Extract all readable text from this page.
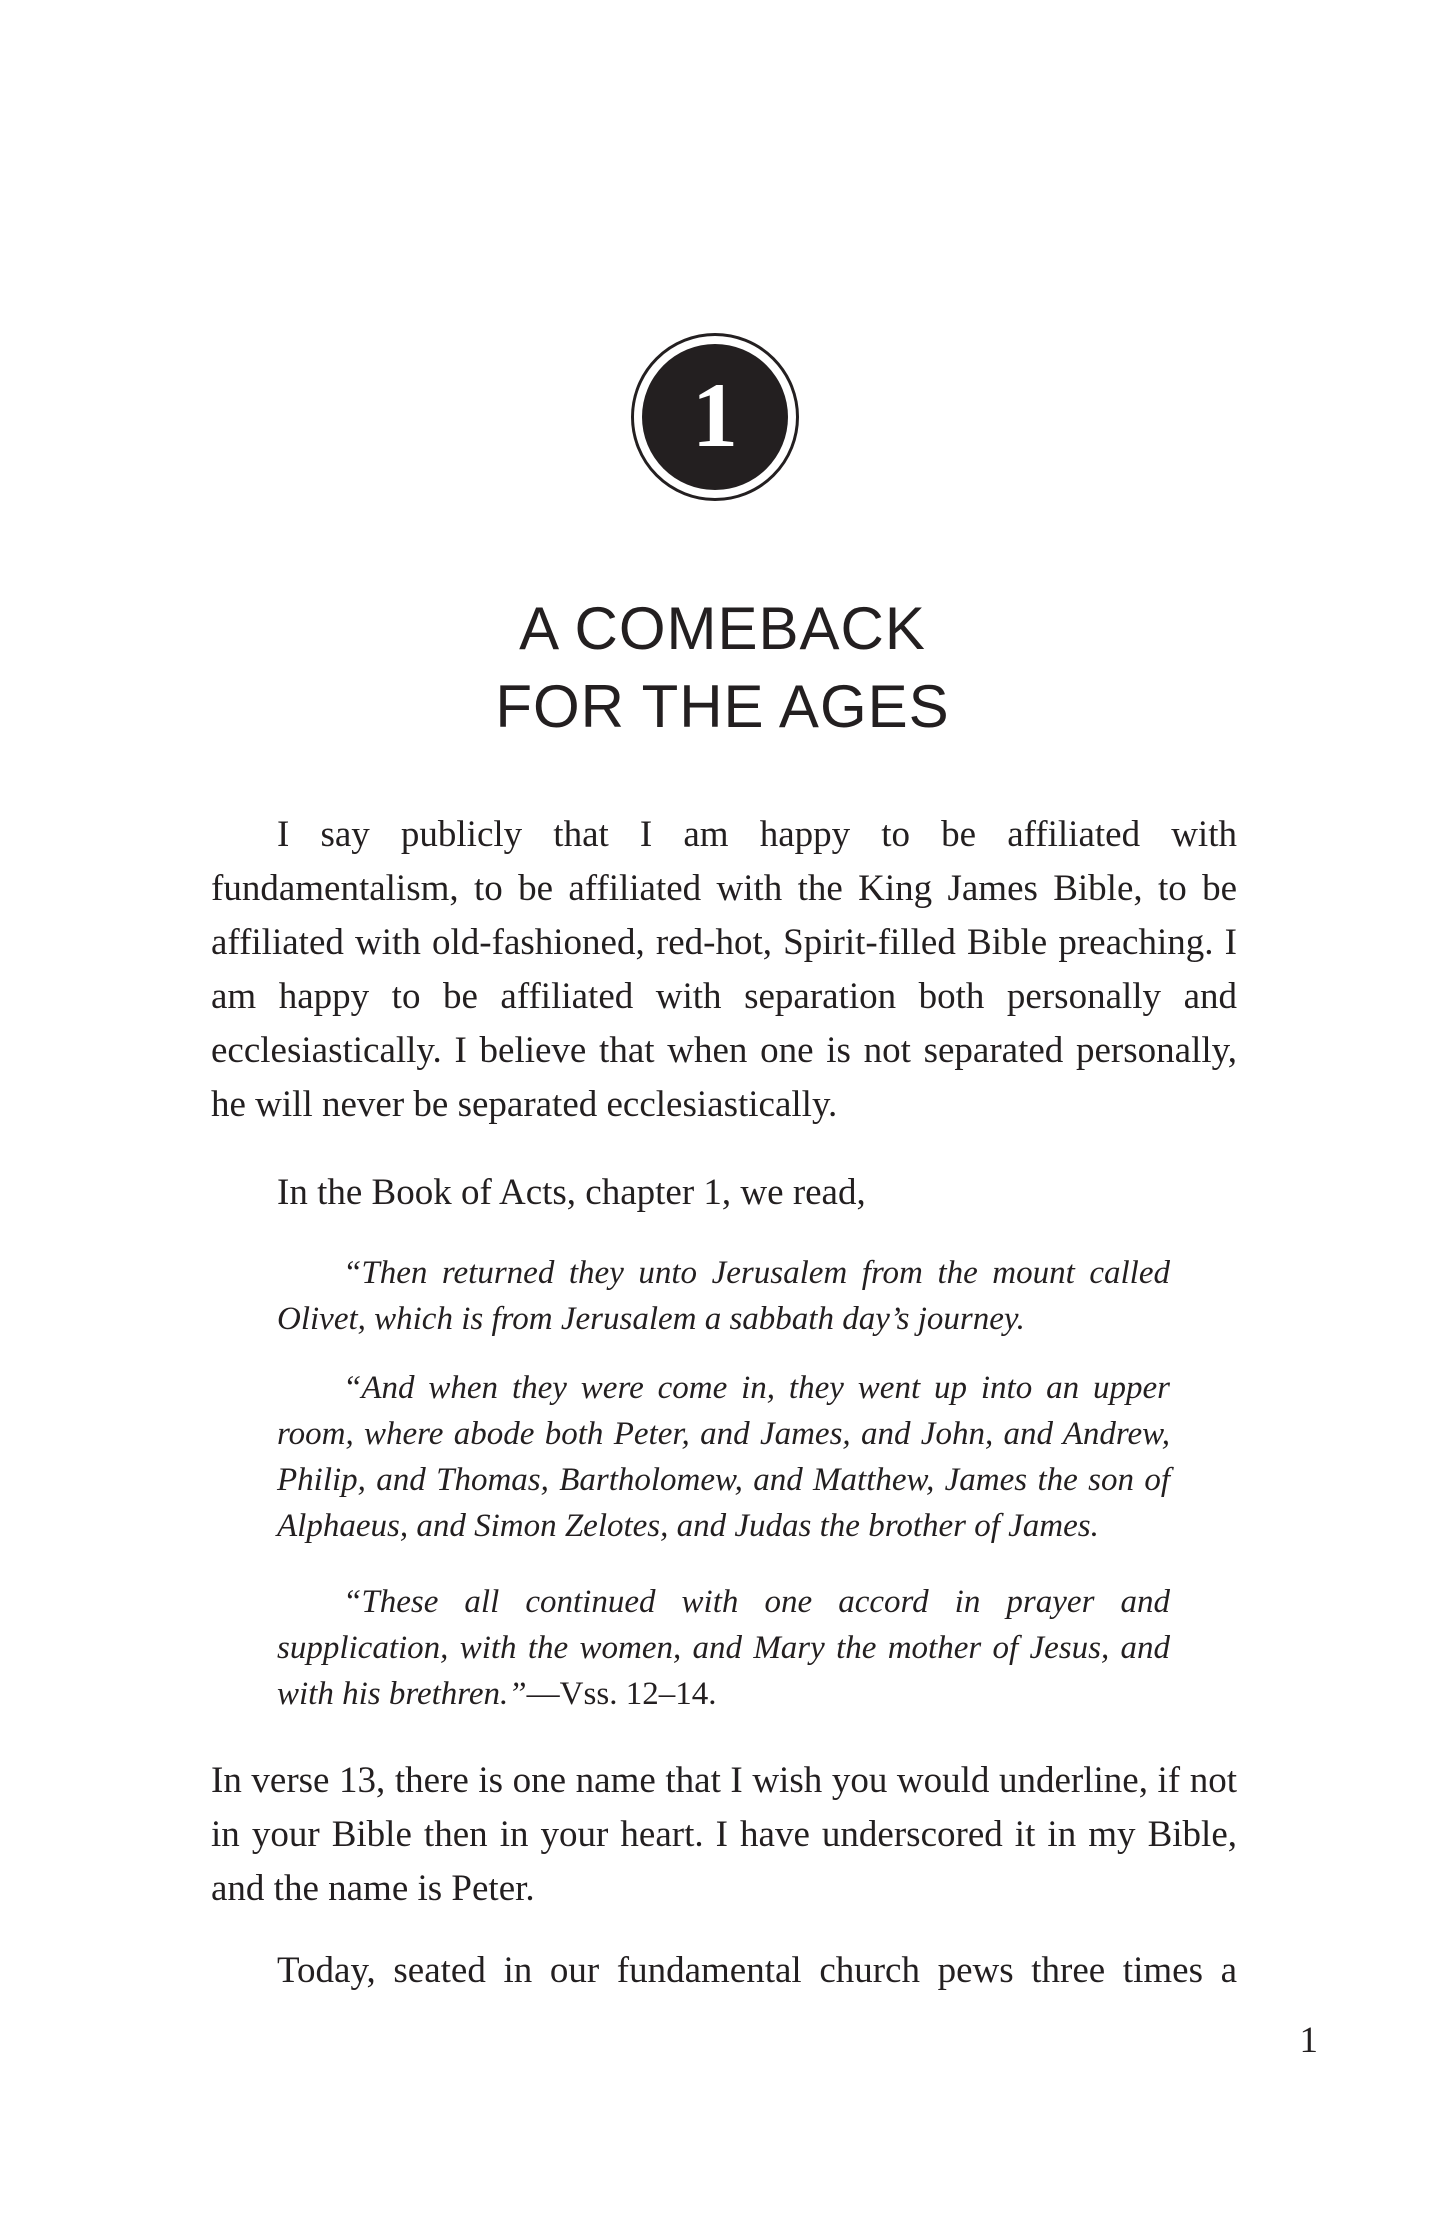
1
A COMEBACK
FOR THE AGES

I say publicly that I am happy to be affiliated with fundamentalism, to be affiliated with the King James Bible, to be affiliated with old-fashioned, red-hot, Spirit-filled Bible preaching. I am happy to be affiliated with separation both personally and ecclesiastically. I believe that when one is not separated personally, he will never be separated ecclesiastically.

In the Book of Acts, chapter 1, we read,

“Then returned they unto Jerusalem from the mount called Olivet, which is from Jerusalem a sabbath day’s journey.

“And when they were come in, they went up into an upper room, where abode both Peter, and James, and John, and Andrew, Philip, and Thomas, Bartholomew, and Matthew, James the son of Alphaeus, and Simon Zelotes, and Judas the brother of James.

“These all continued with one accord in prayer and supplication, with the women, and Mary the mother of Jesus, and with his brethren.”—Vss. 12–14.

In verse 13, there is one name that I wish you would underline, if not in your Bible then in your heart. I have underscored it in my Bible, and the name is Peter.

Today, seated in our fundamental church pews three times a

1
